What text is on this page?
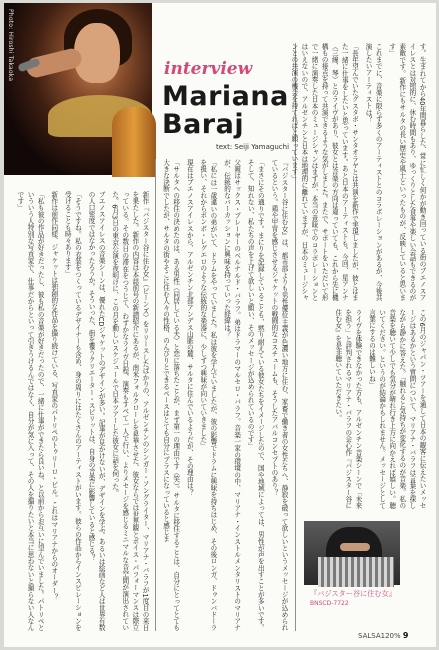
Photo: Hiroshi Takaoka	interview
Mariana Baraj
text: Seiji Yamaguchi

新作『バジスター谷に住む女』（ピーンズ）をリリースしたばかりの、アルゼンチンのシンガー・ソングライター、マリアナ・バラフが1度目の来日を果たした。新作の内容は本誌前号の新譜紹介にあるが、南米フォルクローレを昇華させた、彼女ならでは世界観とボイス・パフォーマンスは際立っている。その数日の滞在をつうじて、わずかなライヴ日程、演奏もすべて一人で行い、よりメセージを感じるミニマルな音空間が演出されていた。6月3日の東京公演を夜明けに、この月を動しいスケジュールで日本ツアーした彼女に話を伺った。

ブエノスアイレスの音楽シーンは、優れたCDジャケットのデザインが多い。記事が見かけないが、デザインを学ぶ。あるいは絵画など人は世界有数の人口密度ではなかったろうか。そういった、街を覆うクリエーター・スピリットは、自身の音楽に影響していると感じる？

「そうですね。私の衣装をつくっているデザイナーも含め、身の周りにはたくさんのアーティストがいます。彼らの作品からインスピレーションを受けることも時々あります」

新作は前作同様、ジャケットは独創的な作品を撮り続けている、写真家のパトリペのトゥリーロ・ビル。これはマリアナからのオーダー？

「私も彼の作品が好きだったし、彼も私の音楽が好きだったので、一緒に仕事ができたら良いね、と以前からお互いに望んでいました。パトリペといういう人特別な写真家で、仕事だからといって引きうけるんではなく、自分が気に入って、その人を撮りたいと本当に思わないと撮らない人なんです」	『バジスター谷に住む女』は、都市部よりも男性優位主義が色濃い地方に住む、家畜で働き者の女性たちへ、静寂を破って欲しいというメッセージが込められているという。鶏や甲冑を感じさせるジャケットの戦闘的なコスチュームも、そうしたアバルコンセプトのあり？

「まさにその通りです。まにりを記録していることも、黙り耐えている彼女たちをイメージしたので、国や地域によっては、男性が声を出すことが多いです。そして、知れない、私たちの声を上げて欲しいと願い、そのメッセージが込められているのです」

父親はサックス・プレーヤーのベルナルド・バラフ。弟はドラマーのマルセロ・バラフ。音楽一家の環境の中、マリアナ・インストルメンタリストのマリアナが、伝統的なバーカッションに興味を持っていった経緯は？

「私には一歳違いの弟がいて、ドラムをやっていました。私は彼を学んでいましたが、彼の影響でドラムに興味を持ちはじめ、その後ロンガ、ドゥンバドーラを扱い、それからボンボ・レグエロのような伝統的な楽器に、少しずつ興味が向いていきました」

現在はブエノスアイレスから、アルゼンチン北部アンデス山脈の麓、サルタに住んでいるようだが、その理由は？

「サルタへの移住の決めたのは、ある男性（同居している夫）と恋に落ちたことが、まず第一の理由です（笑）。サルタに移住することは、自分にとってとても大きな決断でしたが、サルタの街やそこに住む人々の性格、のんびりとできるペースはとても自分にプラスになっていると感じま	す。生まれてから40年間暮らした、常に忙しく何かが動き回っている街のブエノスアイレスとは対照的に、休む時間もあり、ゆっくりとした食事や楽しい会話もできるのが素敵です。新作にもサルタの長い歴史や風土といったものが、反映していると思います」

これまでに、音楽に限らず多くのアーティストとのコラボレーションがあるが、今後共演したいアーティストは？

「長年望んでいたグスタボ・サンタオラヤとは共演を新作で実現しましたが、彼とはまた一緒に仕事をしたいと思っています。あと日本のアーティストも。今回、星アンナ（三線、琴）とのライヴがあり、彼女とは音楽の方向は違っていても、これから先に機構もの接点を持って共演できるような気がしました。またで、サポートをいただいて形で一緒に演奏した日本のミュージシャンはまずが、本当の意味でのコラボレーションとはいえないので、アルゼンチンと日本は地理的に離れていますが、日本のミュージシャンとの共演の機会を持てればと願っています」

この6月のジャパン・ツアーを通して日本の観客に伝えたいメッセージはあるかという質問について、マリアナ・バラフは言葉を探しながら静かに答えた。「触れると気持ちが変化するのが音楽。私の音楽を聴いて少しでも気分が晴れ行き上方に向かえれば嬉しい。聴いてください。というのが結論かもしれません。メッセージとして言葉にするのは難しいね」

ライヴを体験できなかった方も、アルゼンチン音楽シーンで「未来を担う」と評判されるマリアナ・バラフの会心作『バジスター谷に住む女』を是非聴いていただきたい。

『バジスター谷に住む女』
BNSCD-7722
SALSA120% 9
